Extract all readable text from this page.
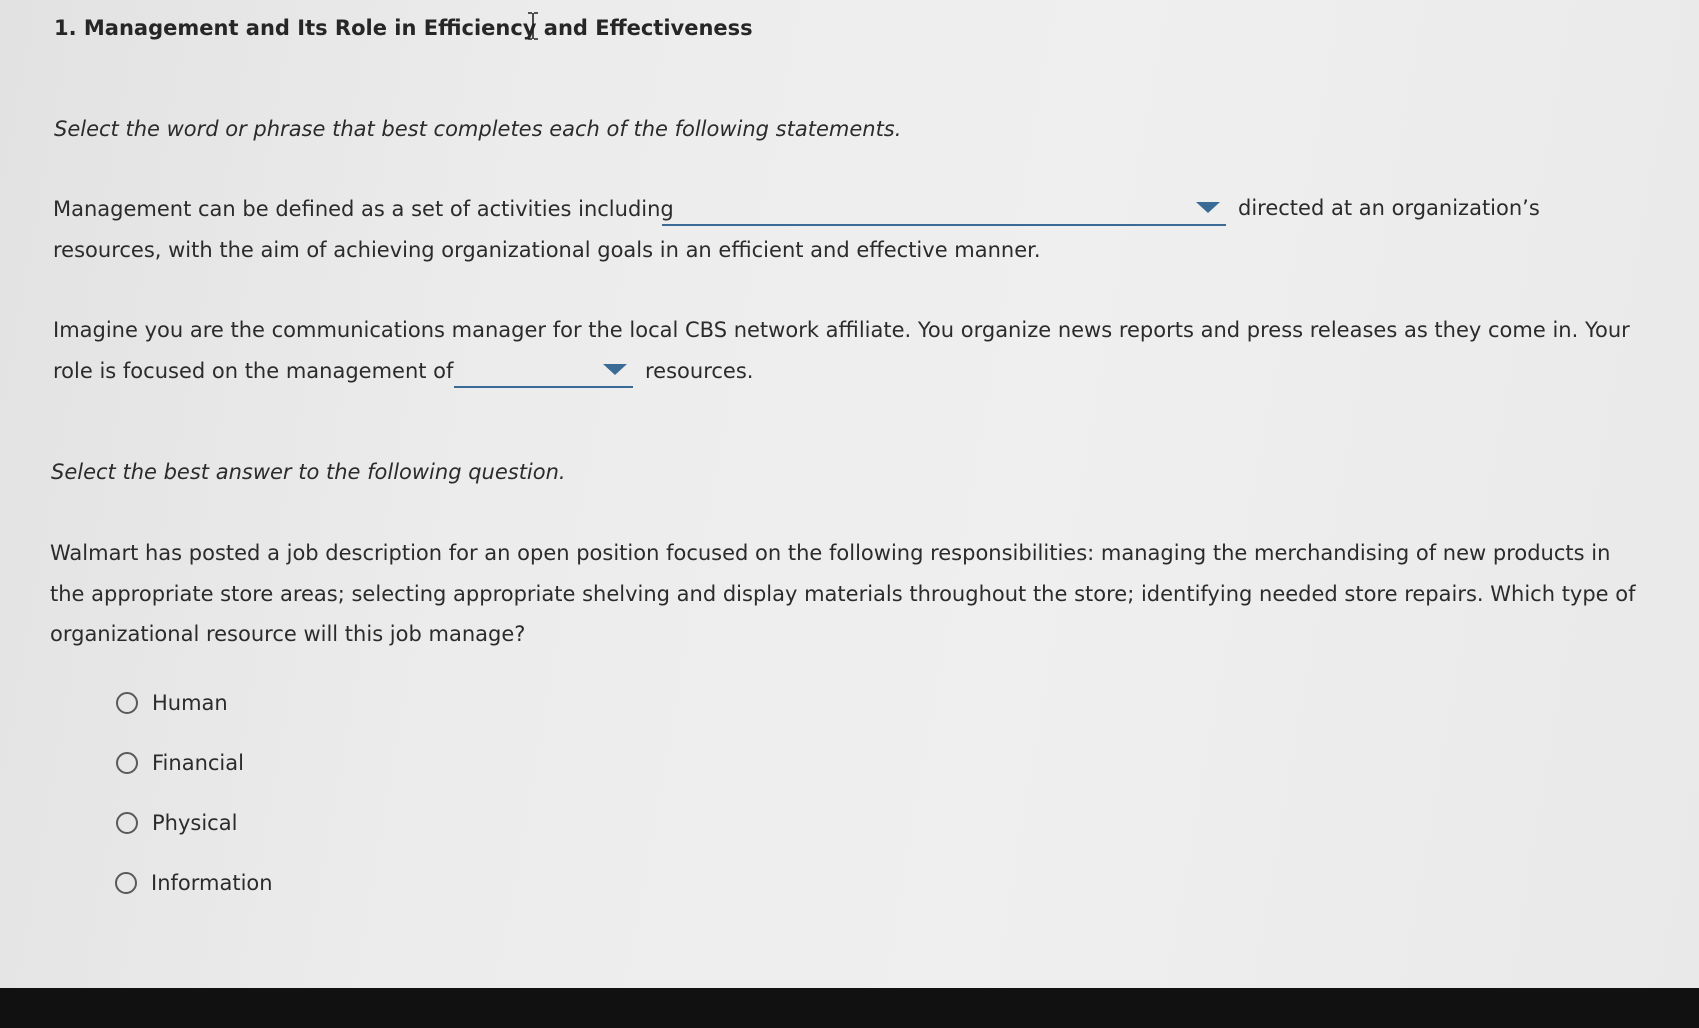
1. Management and Its Role in Efficiency and Effectiveness
Select the word or phrase that best completes each of the following statements.
Management can be defined as a set of activities including	directed at an organization’s
resources, with the aim of achieving organizational goals in an efficient and effective manner.
Imagine you are the communications manager for the local CBS network affiliate. You organize news reports and press releases as they come in. Your
role is focused on the management of	resources.
Select the best answer to the following question.
Walmart has posted a job description for an open position focused on the following responsibilities: managing the merchandising of new products in
the appropriate store areas; selecting appropriate shelving and display materials throughout the store; identifying needed store repairs. Which type of
organizational resource will this job manage?
Human
Financial
Physical
Information
